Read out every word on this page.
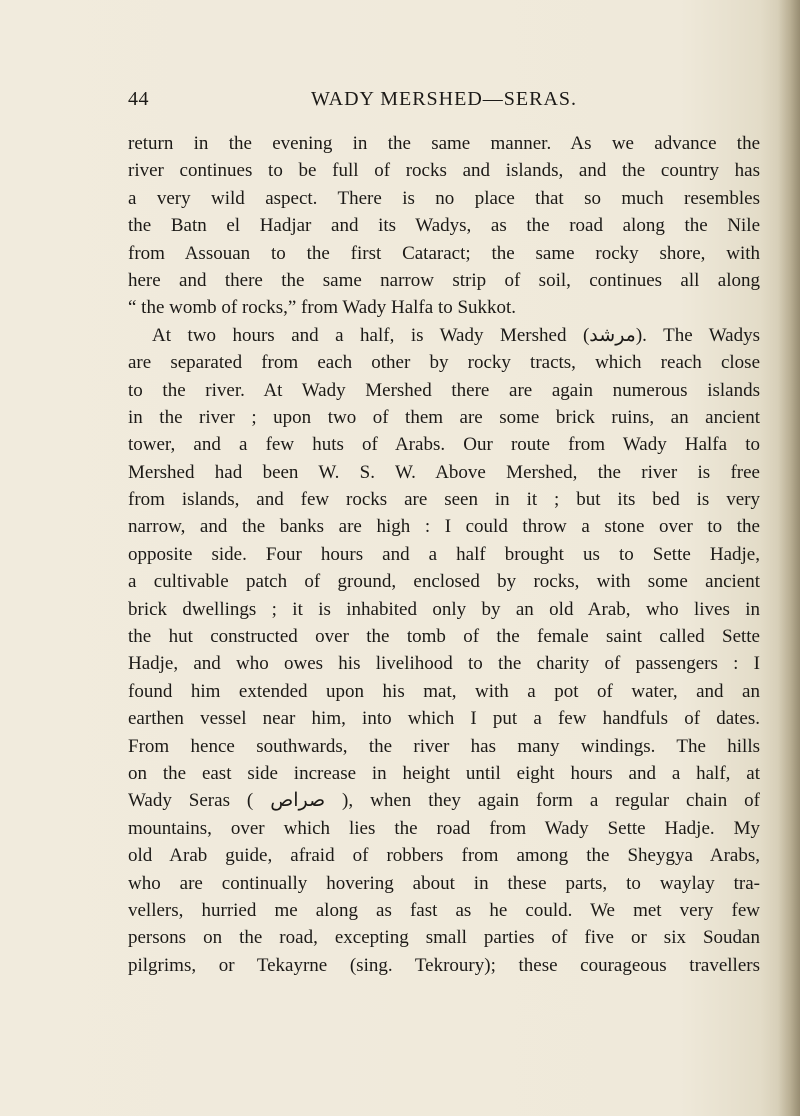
44	WADY MERSHED—SERAS.
return in the evening in the same manner. As we advance the
river continues to be full of rocks and islands, and the country has
a very wild aspect. There is no place that so much resembles
the Batn el Hadjar and its Wadys, as the road along the Nile
from Assouan to the first Cataract; the same rocky shore, with
here and there the same narrow strip of soil, continues all along
“ the womb of rocks,” from Wady Halfa to Sukkot.
At two hours and a half, is Wady Mershed (مرشد). The Wadys
are separated from each other by rocky tracts, which reach close
to the river. At Wady Mershed there are again numerous islands
in the river ; upon two of them are some brick ruins, an ancient
tower, and a few huts of Arabs. Our route from Wady Halfa to
Mershed had been W. S. W. Above Mershed, the river is free
from islands, and few rocks are seen in it ; but its bed is very
narrow, and the banks are high : I could throw a stone over to the
opposite side. Four hours and a half brought us to Sette Hadje,
a cultivable patch of ground, enclosed by rocks, with some ancient
brick dwellings ; it is inhabited only by an old Arab, who lives in
the hut constructed over the tomb of the female saint called Sette
Hadje, and who owes his livelihood to the charity of passengers : I
found him extended upon his mat, with a pot of water, and an
earthen vessel near him, into which I put a few handfuls of dates.
From hence southwards, the river has many windings. The hills
on the east side increase in height until eight hours and a half, at
Wady Seras ( صراص ), when they again form a regular chain of
mountains, over which lies the road from Wady Sette Hadje. My
old Arab guide, afraid of robbers from among the Sheygya Arabs,
who are continually hovering about in these parts, to waylay tra-
vellers, hurried me along as fast as he could. We met very few
persons on the road, excepting small parties of five or six Soudan
pilgrims, or Tekayrne (sing. Tekroury); these courageous travellers
